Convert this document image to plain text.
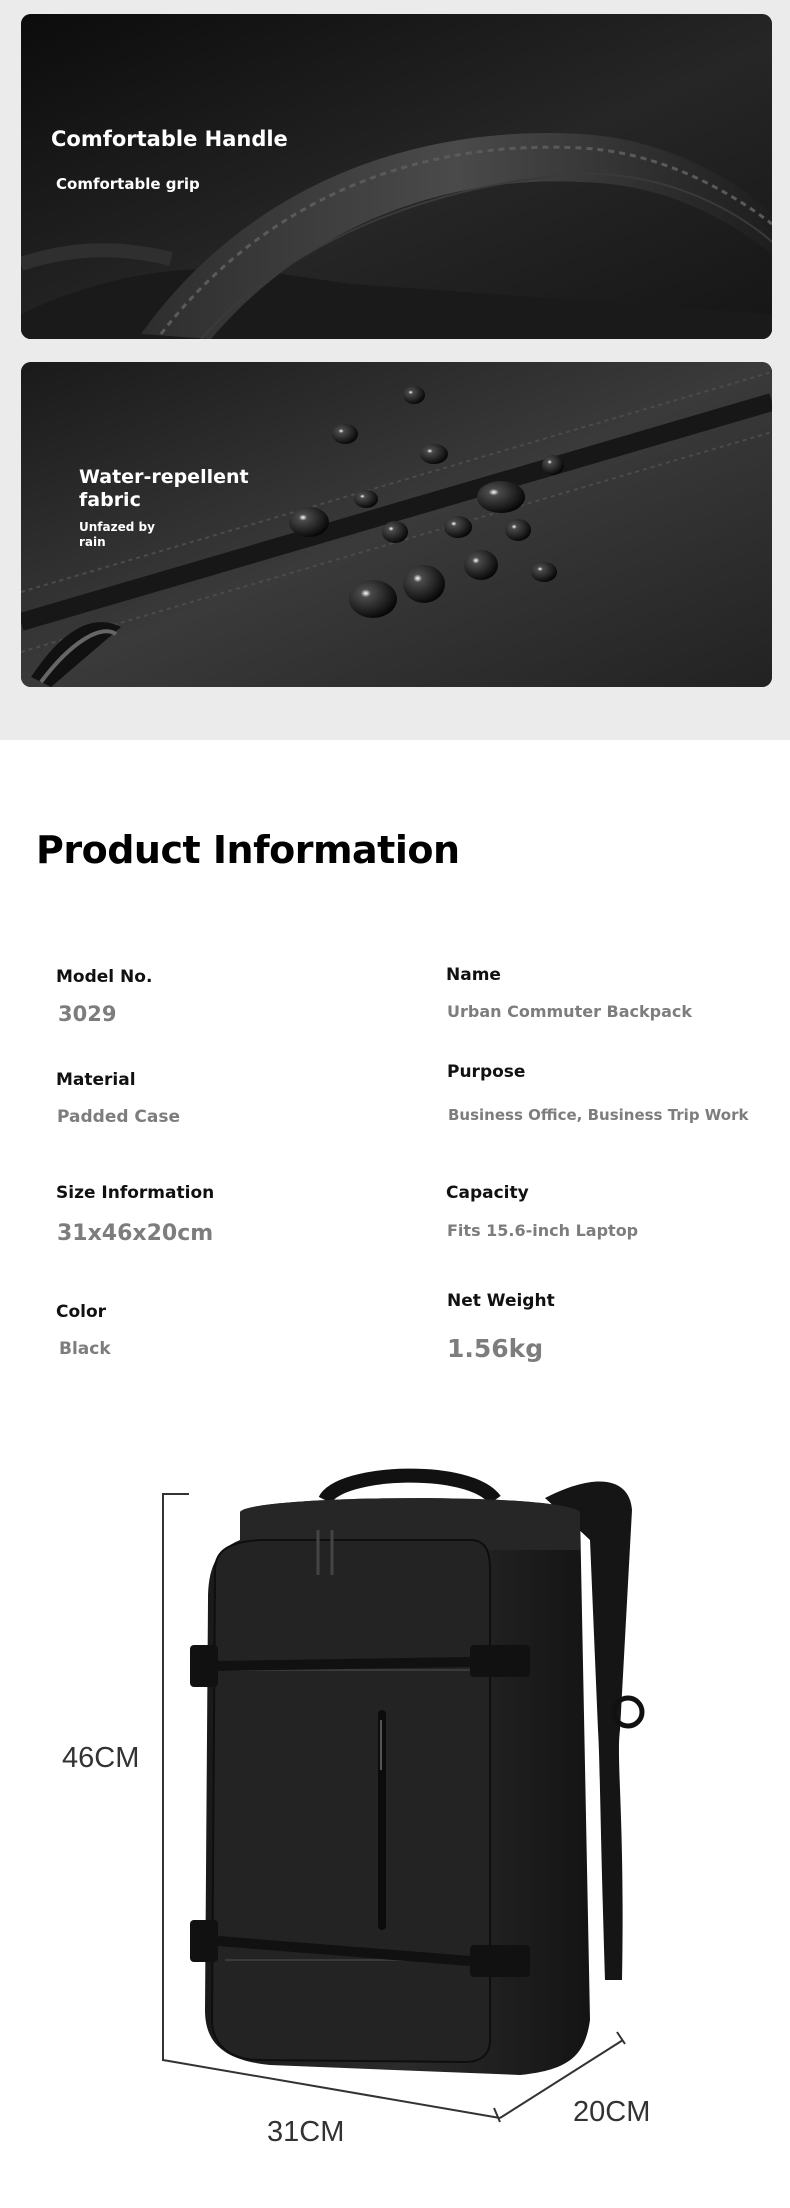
Comfortable Handle
Comfortable grip
Water-repellent fabric
Unfazed by rain
Product Information
Model No.
3029
Name
Urban Commuter Backpack
Material
Padded Case
Purpose
Business Office, Business Trip Work
Size Information
31x46x20cm
Capacity
Fits 15.6-inch Laptop
Color
Black
Net Weight
1.56kg
46CM
31CM
20CM
